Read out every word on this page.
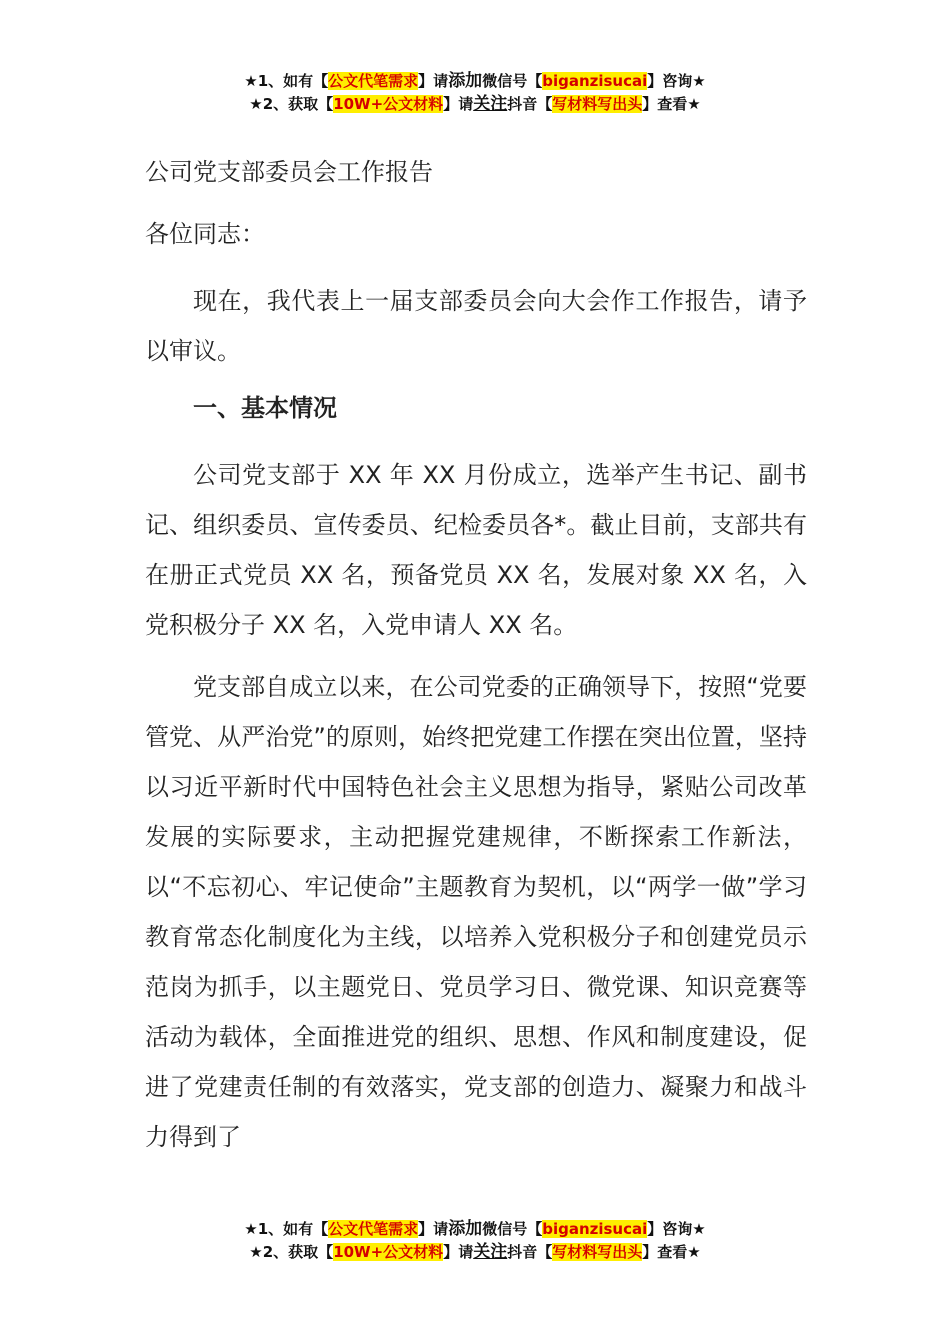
★1、如有【公文代笔需求】请添加微信号【biganzisucai】咨询★
★2、获取【10W+公文材料】请关注抖音【写材料写出头】查看★

公司党支部委员会工作报告

各位同志：

现在，我代表上一届支部委员会向大会作工作报告，请予以审议。

一、基本情况

公司党支部于 XX 年 XX 月份成立，选举产生书记、副书记、组织委员、宣传委员、纪检委员各*。截止目前，支部共有在册正式党员 XX 名，预备党员 XX 名，发展对象 XX 名，入党积极分子 XX 名，入党申请人 XX 名。

党支部自成立以来，在公司党委的正确领导下，按照“党要管党、从严治党”的原则，始终把党建工作摆在突出位置，坚持以习近平新时代中国特色社会主义思想为指导，紧贴公司改革发展的实际要求，主动把握党建规律，不断探索工作新法，以“不忘初心、牢记使命”主题教育为契机，以“两学一做”学习教育常态化制度化为主线，以培养入党积极分子和创建党员示范岗为抓手，以主题党日、党员学习日、微党课、知识竞赛等活动为载体，全面推进党的组织、思想、作风和制度建设，促进了党建责任制的有效落实，党支部的创造力、凝聚力和战斗力得到了

★1、如有【公文代笔需求】请添加微信号【biganzisucai】咨询★
★2、获取【10W+公文材料】请关注抖音【写材料写出头】查看★
